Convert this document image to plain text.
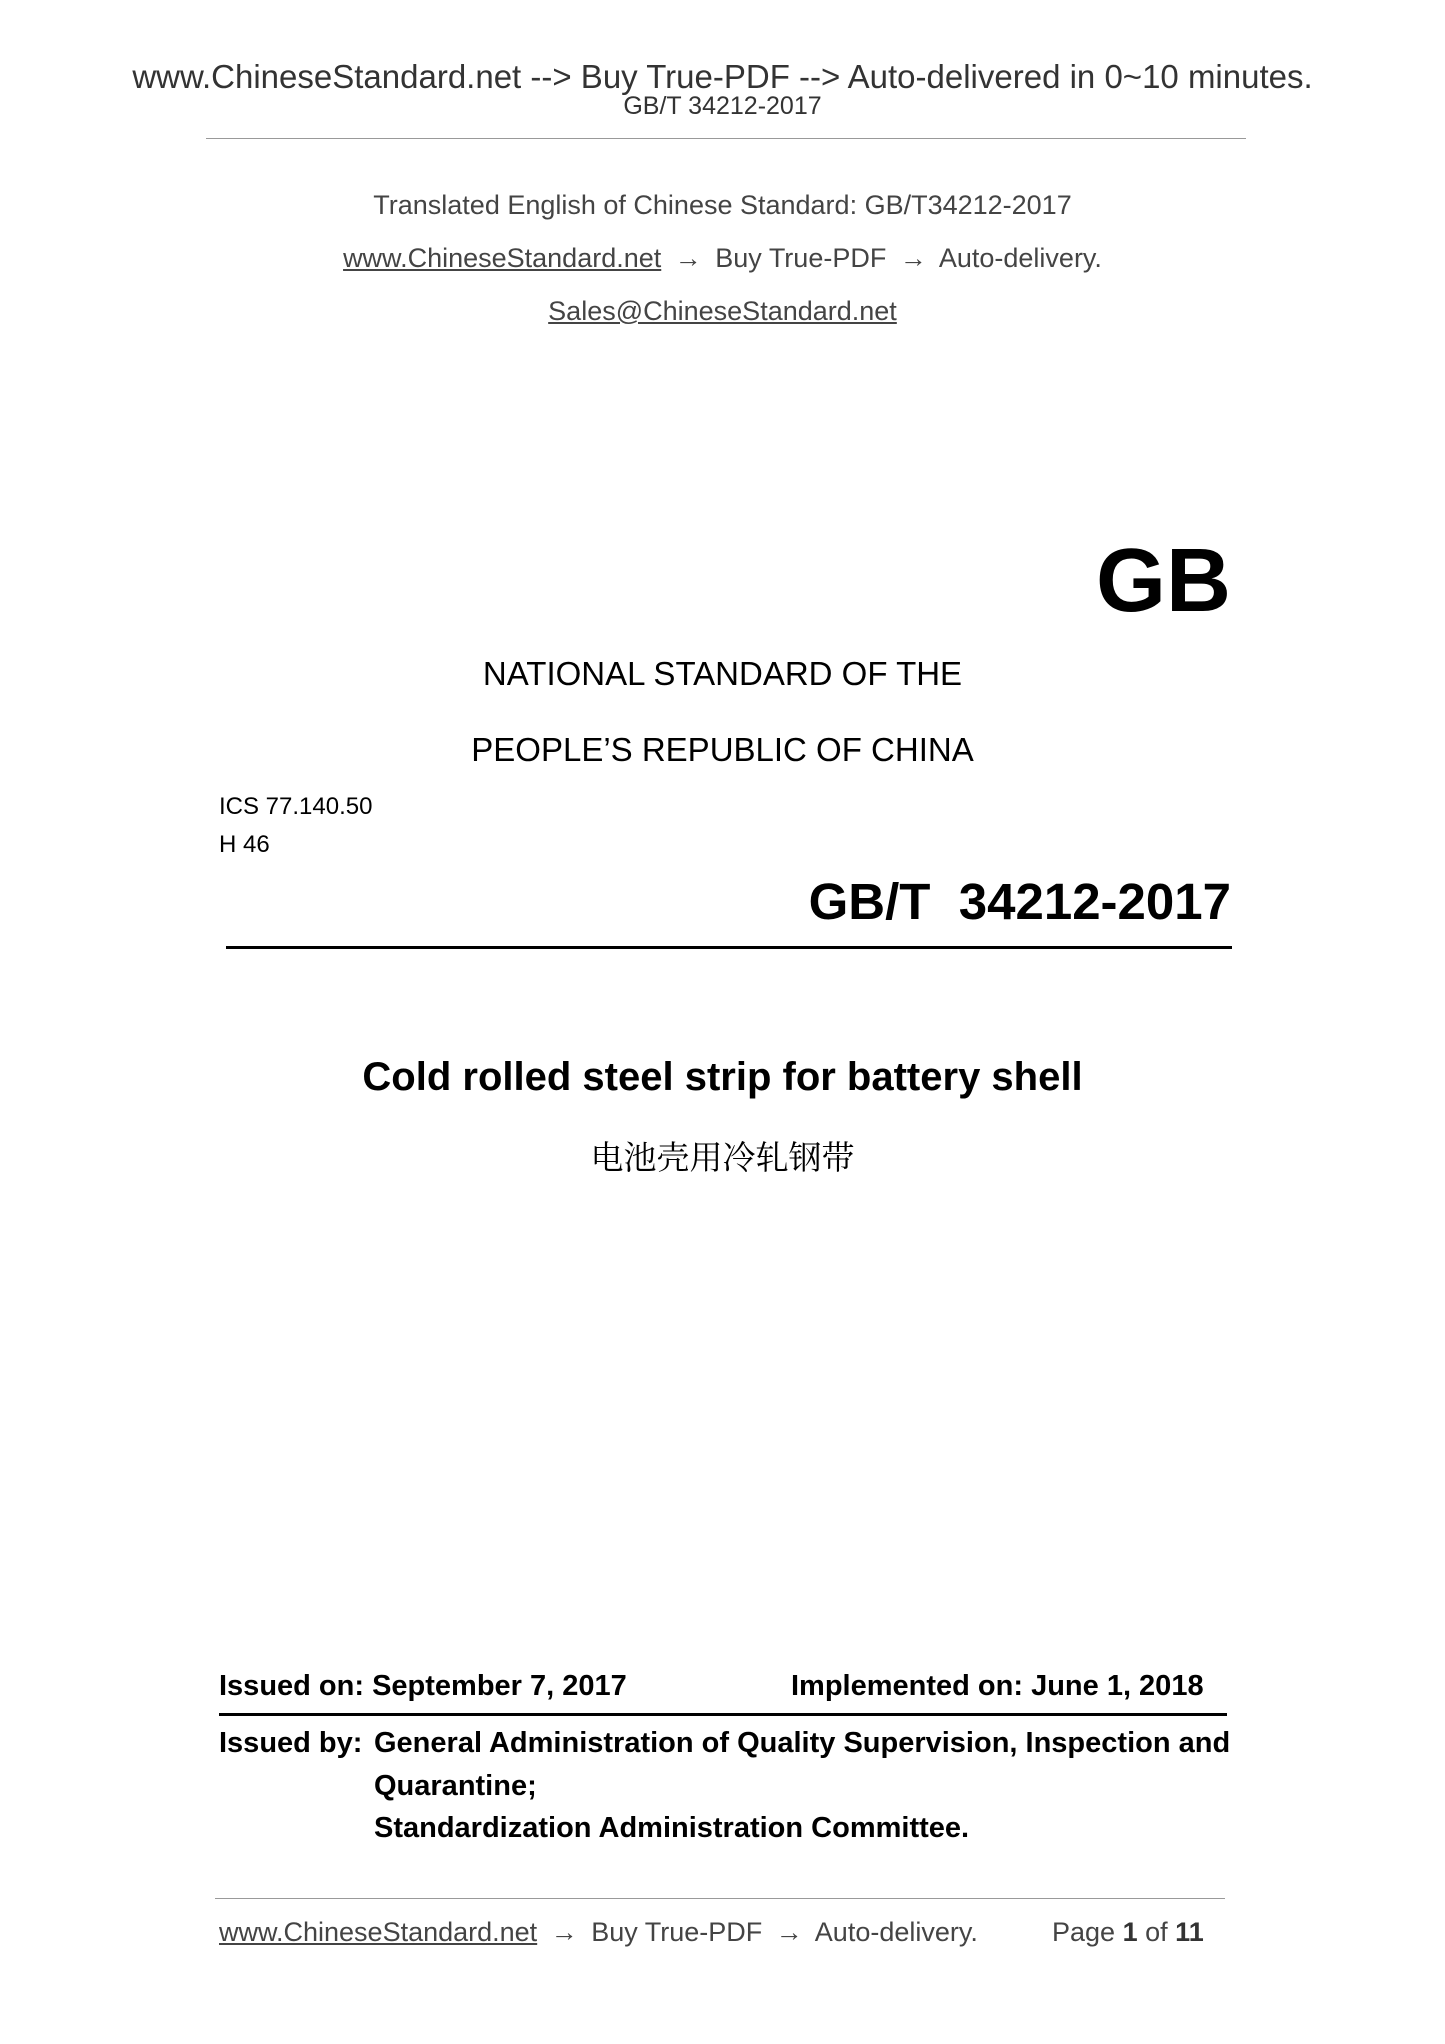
www.ChineseStandard.net --> Buy True-PDF --> Auto-delivered in 0~10 minutes.
GB/T 34212-2017
Translated English of Chinese Standard: GB/T34212-2017
www.ChineseStandard.net → Buy True-PDF → Auto-delivery.
Sales@ChineseStandard.net
GB
NATIONAL STANDARD OF THE
PEOPLE’S REPUBLIC OF CHINA
ICS 77.140.50
H 46
GB/T  34212-2017
Cold rolled steel strip for battery shell
电池壳用冷轧钢带
Issued on: September 7, 2017	Implemented on: June 1, 2018
Issued by: General Administration of Quality Supervision, Inspection and
Quarantine;
Standardization Administration Committee.
www.ChineseStandard.net → Buy True-PDF → Auto-delivery.	Page 1 of 11
